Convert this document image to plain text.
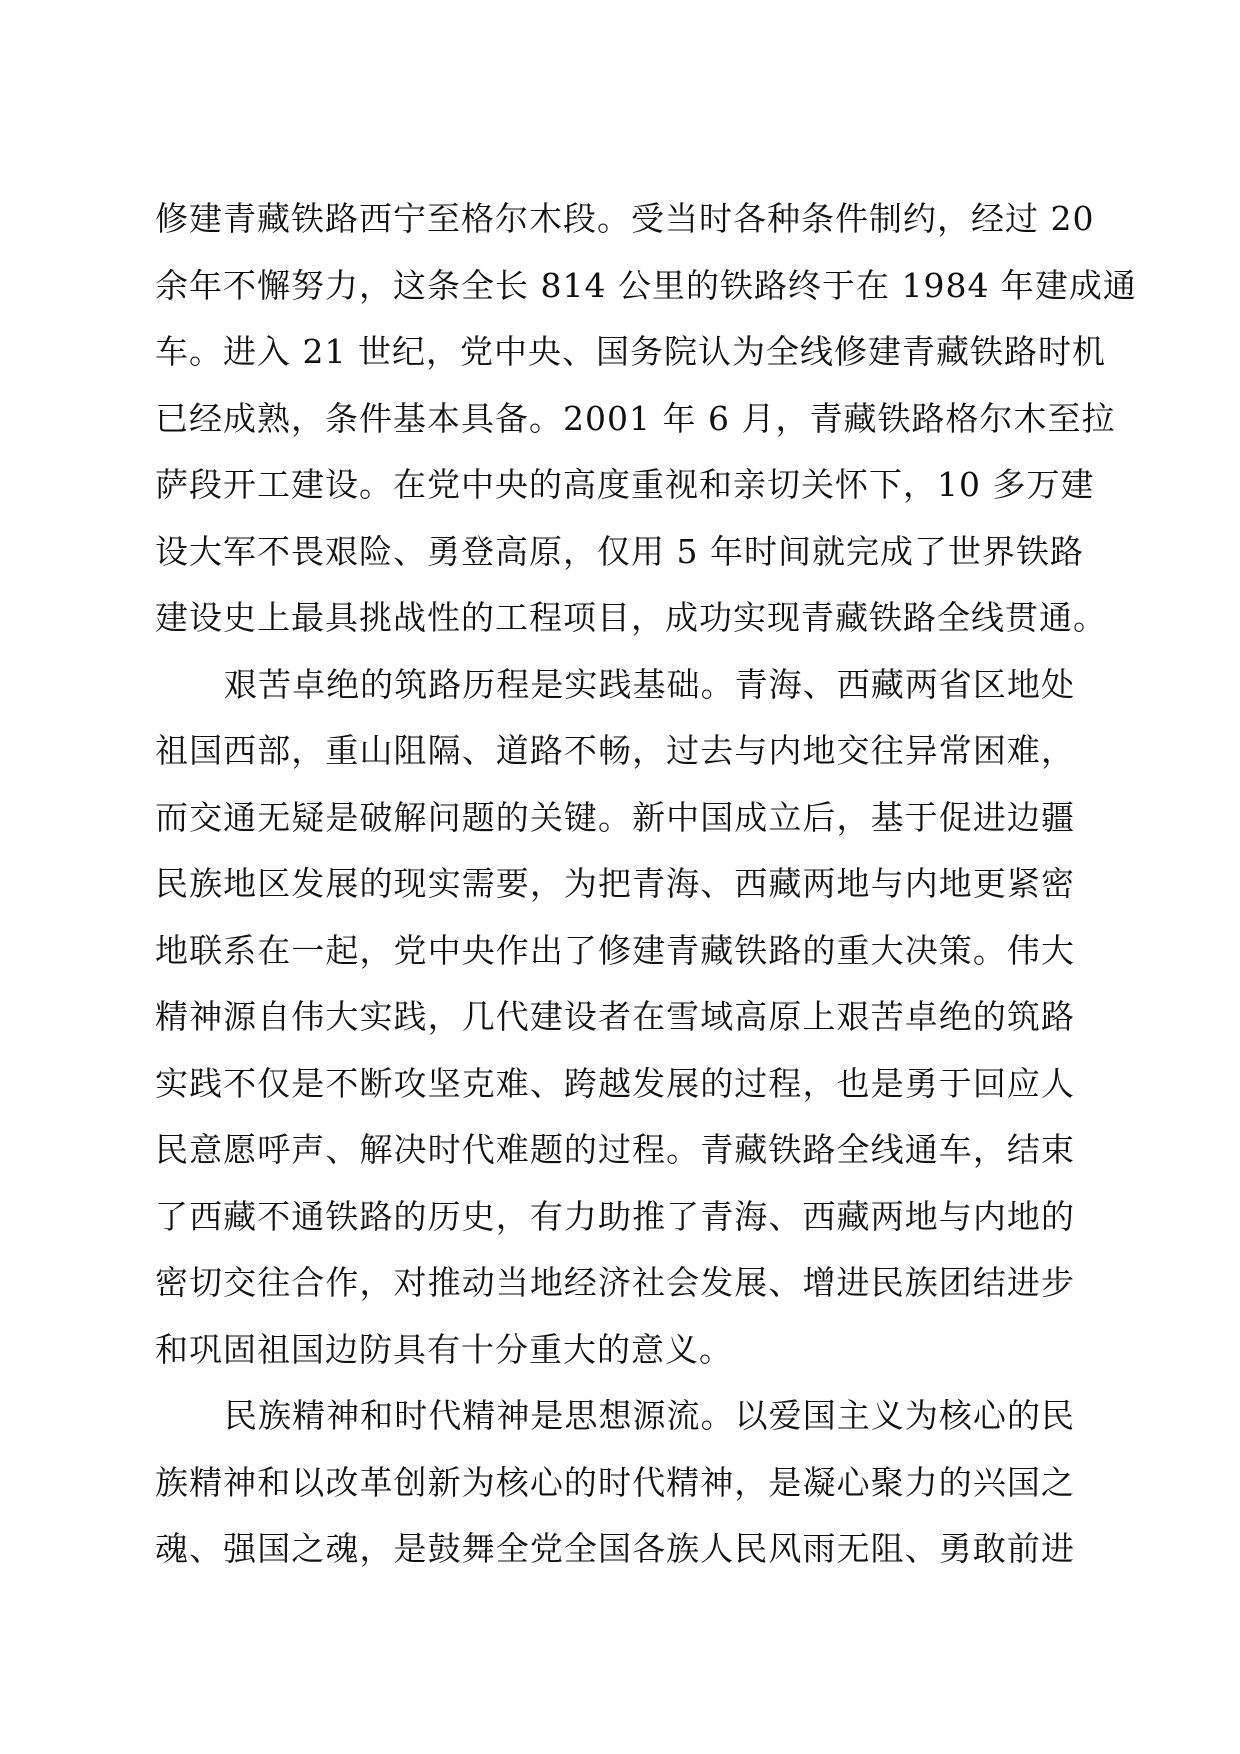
修建青藏铁路西宁至格尔木段。受当时各种条件制约，经过 20
余年不懈努力，这条全长 814 公里的铁路终于在 1984 年建成通
车。进入 21 世纪，党中央、国务院认为全线修建青藏铁路时机
已经成熟，条件基本具备。2001 年 6 月，青藏铁路格尔木至拉
萨段开工建设。在党中央的高度重视和亲切关怀下，10 多万建
设大军不畏艰险、勇登高原，仅用 5 年时间就完成了世界铁路
建设史上最具挑战性的工程项目，成功实现青藏铁路全线贯通。
艰苦卓绝的筑路历程是实践基础。青海、西藏两省区地处
祖国西部，重山阻隔、道路不畅，过去与内地交往异常困难，
而交通无疑是破解问题的关键。新中国成立后，基于促进边疆
民族地区发展的现实需要，为把青海、西藏两地与内地更紧密
地联系在一起，党中央作出了修建青藏铁路的重大决策。伟大
精神源自伟大实践，几代建设者在雪域高原上艰苦卓绝的筑路
实践不仅是不断攻坚克难、跨越发展的过程，也是勇于回应人
民意愿呼声、解决时代难题的过程。青藏铁路全线通车，结束
了西藏不通铁路的历史，有力助推了青海、西藏两地与内地的
密切交往合作，对推动当地经济社会发展、增进民族团结进步
和巩固祖国边防具有十分重大的意义。
民族精神和时代精神是思想源流。以爱国主义为核心的民
族精神和以改革创新为核心的时代精神，是凝心聚力的兴国之
魂、强国之魂，是鼓舞全党全国各族人民风雨无阻、勇敢前进
